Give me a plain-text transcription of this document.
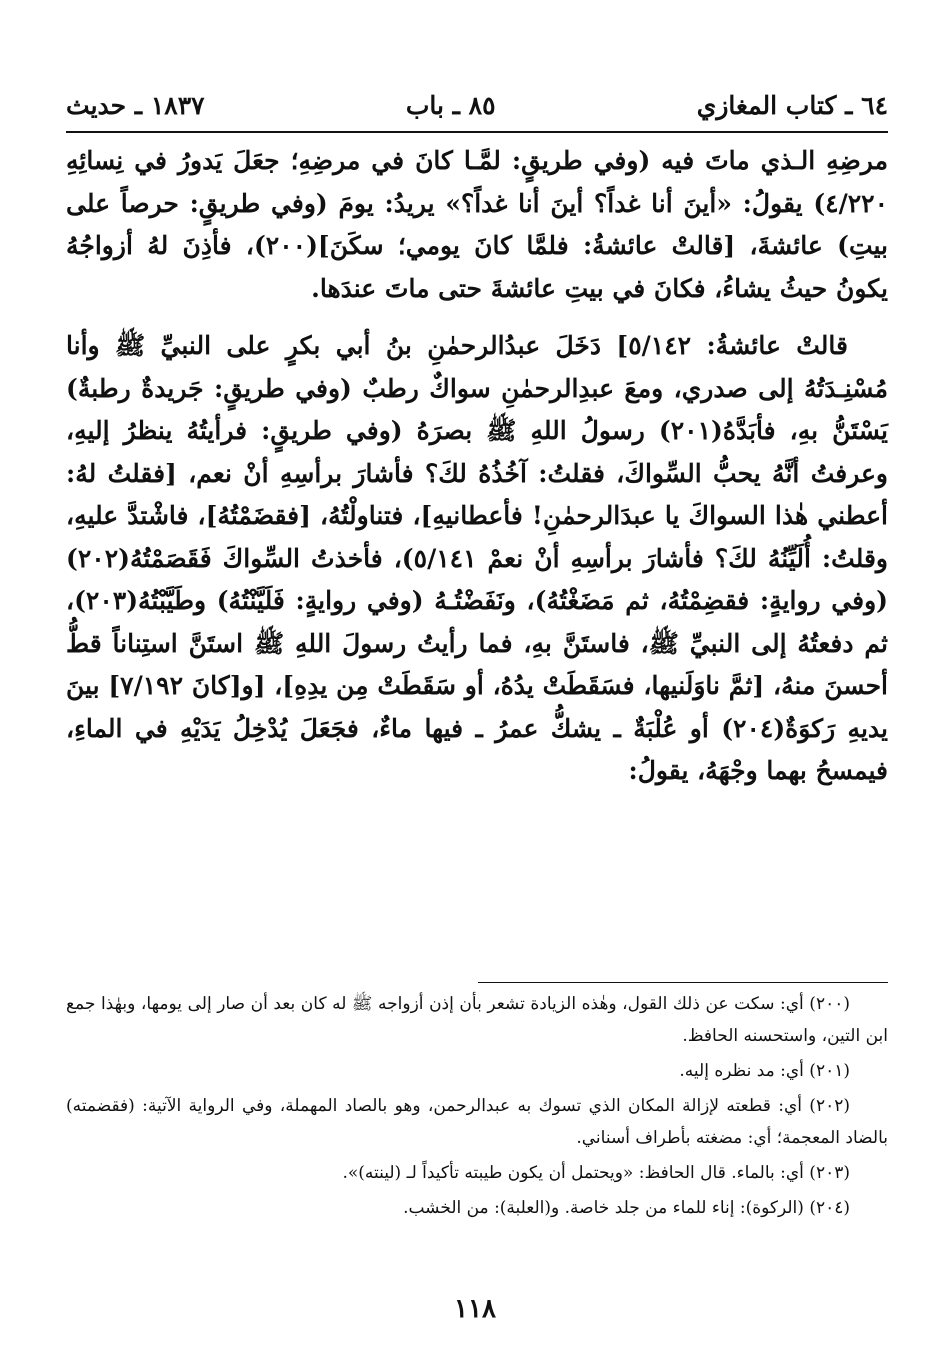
٦٤ ـ كتاب المغازي
٨٥ ـ باب
١٨٣٧ ـ حديث

مرضِهِ الـذي ماتَ فيه (وفي طريقٍ: لمَّـا كانَ في مرضِهِ؛ جعَلَ يَدورُ في نِسائِهِ ٤/٢٢٠) يقولُ: «أينَ أنا غداً؟ أينَ أنا غداً؟» يريدُ: يومَ (وفي طريقٍ: حرصاً على بيتِ) عائشةَ، [قالتْ عائشةُ: فلمَّا كانَ يومي؛ سكَنَ](٢٠٠)، فأذِنَ لهُ أزواجُهُ يكونُ حيثُ يشاءُ، فكانَ في بيتِ عائشةَ حتى ماتَ عندَها.

قالتْ عائشةُ: ٥/١٤٢] دَخَلَ عبدُالرحمٰنِ بنُ أبي بكرٍ على النبيِّ ﷺ وأنا مُسْنِـدَتُهُ إلى صدري، ومعَ عبدِالرحمٰنِ سواكٌ رطبٌ (وفي طريقٍ: جَريدةٌ رطبةٌ) يَسْتَنُّ بهِ، فأبَدَّهُ(٢٠١) رسولُ اللهِ ﷺ بصرَهُ (وفي طريقٍ: فرأيتُهُ ينظرُ إليهِ، وعرفتُ أنَّهُ يحبُّ السِّواكَ، فقلتُ: آخُذُهُ لكَ؟ فأشارَ برأسِهِ أنْ نعم، [فقلتُ لهُ: أعطني هٰذا السواكَ يا عبدَالرحمٰنِ! فأعطانيهِ]، فتناولْتُهُ، [فقضَمْتُهُ]، فاشْتدَّ عليهِ، وقلتُ: أُلَيِّنُهُ لكَ؟ فأشارَ برأسِهِ أنْ نعمْ ٥/١٤١)، فأخذتُ السِّواكَ فَقَصَمْتُهُ(٢٠٢) (وفي روايةٍ: فقضِمْتُهُ، ثم مَضَغْتُهُ)، ونَفَضْتُـهُ (وفي روايةٍ: فَلَيَّنْتُهُ) وطَيَّبْتُهُ(٢٠٣)، ثم دفعتُهُ إلى النبيِّ ﷺ، فاستَنَّ بهِ، فما رأيتُ رسولَ اللهِ ﷺ استَنَّ استِناناً قطُّ أحسنَ منهُ، [ثمَّ ناوَلَنيها، فسَقَطَتْ يدُهُ، أو سَقَطَتْ مِن يدِهِ]، [و[كانَ ٧/١٩٢] بينَ يديهِ رَكوَةٌ(٢٠٤) أو عُلْبَةٌ ـ يشكُّ عمرُ ـ فيها ماءٌ، فجَعَلَ يُدْخِلُ يَدَيْهِ في الماءِ، فيمسحُ بهما وجْهَهُ، يقولُ:

(٢٠٠) أي: سكت عن ذلك القول، وهٰذه الزيادة تشعر بأن إذن أزواجه ﷺ له كان بعد أن صار إلى يومها، وبهٰذا جمع ابن التين، واستحسنه الحافظ.

(٢٠١) أي: مد نظره إليه.

(٢٠٢) أي: قطعته لإزالة المكان الذي تسوك به عبدالرحمن، وهو بالصاد المهملة، وفي الرواية الآتية: (فقضمته) بالضاد المعجمة؛ أي: مضغته بأطراف أسناني.

(٢٠٣) أي: بالماء. قال الحافظ: «ويحتمل أن يكون طيبته تأكيداً لـ (لينته)».

(٢٠٤) (الركوة): إناء للماء من جلد خاصة. و(العلبة): من الخشب.

١١٨
